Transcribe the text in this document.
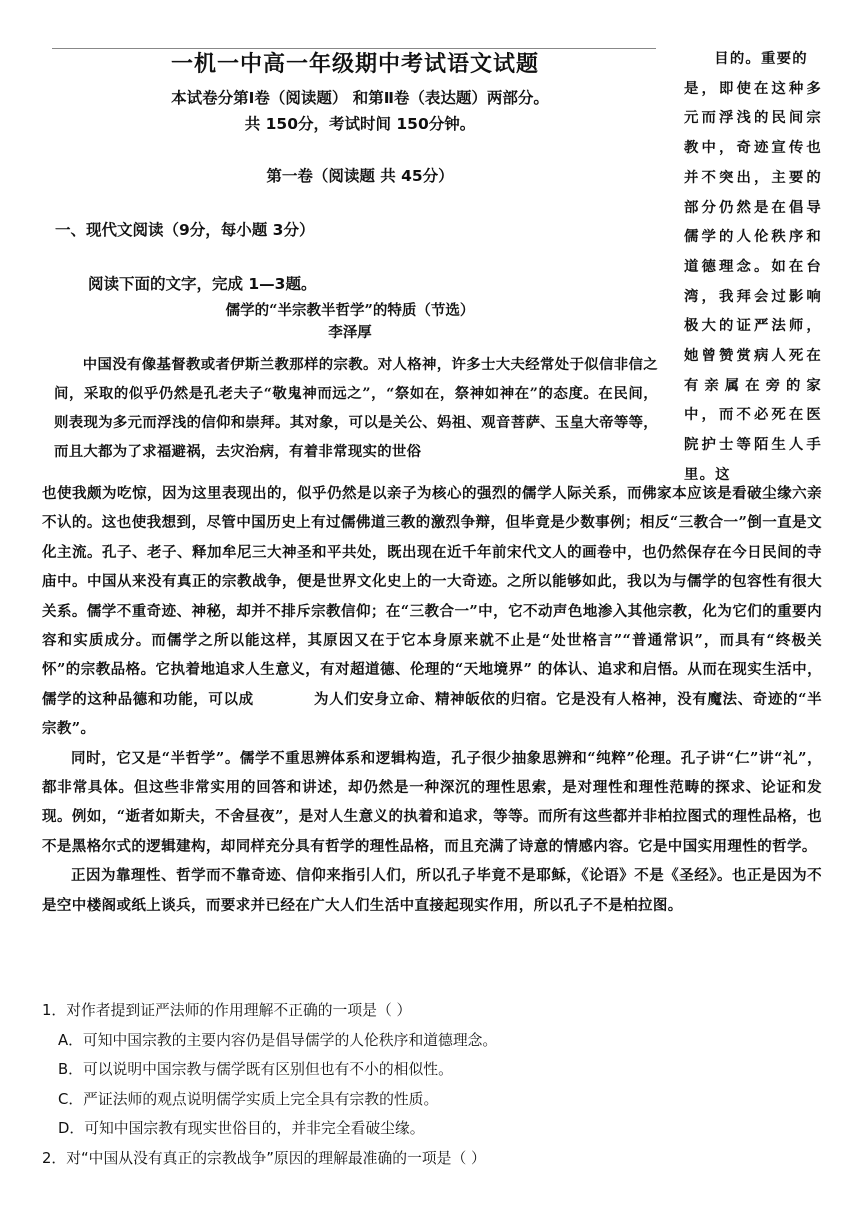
一机一中高一年级期中考试语文试题
本试卷分第Ⅰ卷（阅读题） 和第Ⅱ卷（表达题）两部分。
共 150分，考试时间 150分钟。
第一卷（阅读题 共 45分）
一、现代文阅读（9分，每小题 3分）
阅读下面的文字，完成 1—3题。
儒学的“半宗教半哲学”的特质（节选）
李泽厚
中国没有像基督教或者伊斯兰教那样的宗教。对人格神，许多士大夫经常处于似信非信之间，采取的似乎仍然是孔老夫子“敬鬼神而远之”，“祭如在，祭神如神在”的态度。在民间，则表现为多元而浮浅的信仰和崇拜。其对象，可以是关公、妈祖、观音菩萨、玉皇大帝等等，而且大都为了求福避祸，去灾治病，有着非常现实的世俗
目的。重要的
是，即使在这种多元而浮浅的民间宗教中，奇迹宣传也并不突出，主要的部分仍然是在倡导儒学的人伦秩序和道德理念。如在台湾，我拜会过影响极大的证严法师，她曾赞赏病人死在有亲属在旁的家中，而不必死在医院护士等陌生人手里。这

也使我颇为吃惊，因为这里表现出的，似乎仍然是以亲子为核心的强烈的儒学人际关系，而佛家本应该是看破尘缘六亲不认的。这也使我想到，尽管中国历史上有过儒佛道三教的激烈争辩，但毕竟是少数事例；相反“三教合一”倒一直是文化主流。孔子、老子、释加牟尼三大神圣和平共处，既出现在近千年前宋代文人的画卷中，也仍然保存在今日民间的寺庙中。中国从来没有真正的宗教战争，便是世界文化史上的一大奇迹。之所以能够如此，我以为与儒学的包容性有很大关系。儒学不重奇迹、神秘，却并不排斥宗教信仰；在“三教合一”中，它不动声色地渗入其他宗教，化为它们的重要内容和实质成分。而儒学之所以能这样，其原因又在于它本身原来就不止是“处世格言”“普通常识”，而具有“终极关怀”的宗教品格。它执着地追求人生意义，有对超道德、伦理的“天地境界” 的体认、追求和启悟。从而在现实生活中，儒学的这种品德和功能，可以成	为人们安身立命、精神皈依的归宿。它是没有人格神，没有魔法、奇迹的“半宗教”。

同时，它又是“半哲学”。儒学不重思辨体系和逻辑构造，孔子很少抽象思辨和“纯粹”伦理。孔子讲“仁”讲“礼”，都非常具体。但这些非常实用的回答和讲述，却仍然是一种深沉的理性思索，是对理性和理性范畴的探求、论证和发现。例如，“逝者如斯夫，不舍昼夜”，是对人生意义的执着和追求，等等。而所有这些都并非柏拉图式的理性品格，也不是黑格尔式的逻辑建构，却同样充分具有哲学的理性品格，而且充满了诗意的情感内容。它是中国实用理性的哲学。

正因为靠理性、哲学而不靠奇迹、信仰来指引人们，所以孔子毕竟不是耶稣，《论语》不是《圣经》。也正是因为不是空中楼阁或纸上谈兵，而要求并已经在广大人们生活中直接起现实作用，所以孔子不是柏拉图。

1．对作者提到证严法师的作用理解不正确的一项是（ ）

A．可知中国宗教的主要内容仍是倡导儒学的人伦秩序和道德理念。

B．可以说明中国宗教与儒学既有区别但也有不小的相似性。

C．严证法师的观点说明儒学实质上完全具有宗教的性质。

D．可知中国宗教有现实世俗目的，并非完全看破尘缘。

2．对“中国从没有真正的宗教战争”原因的理解最准确的一项是（ ）
